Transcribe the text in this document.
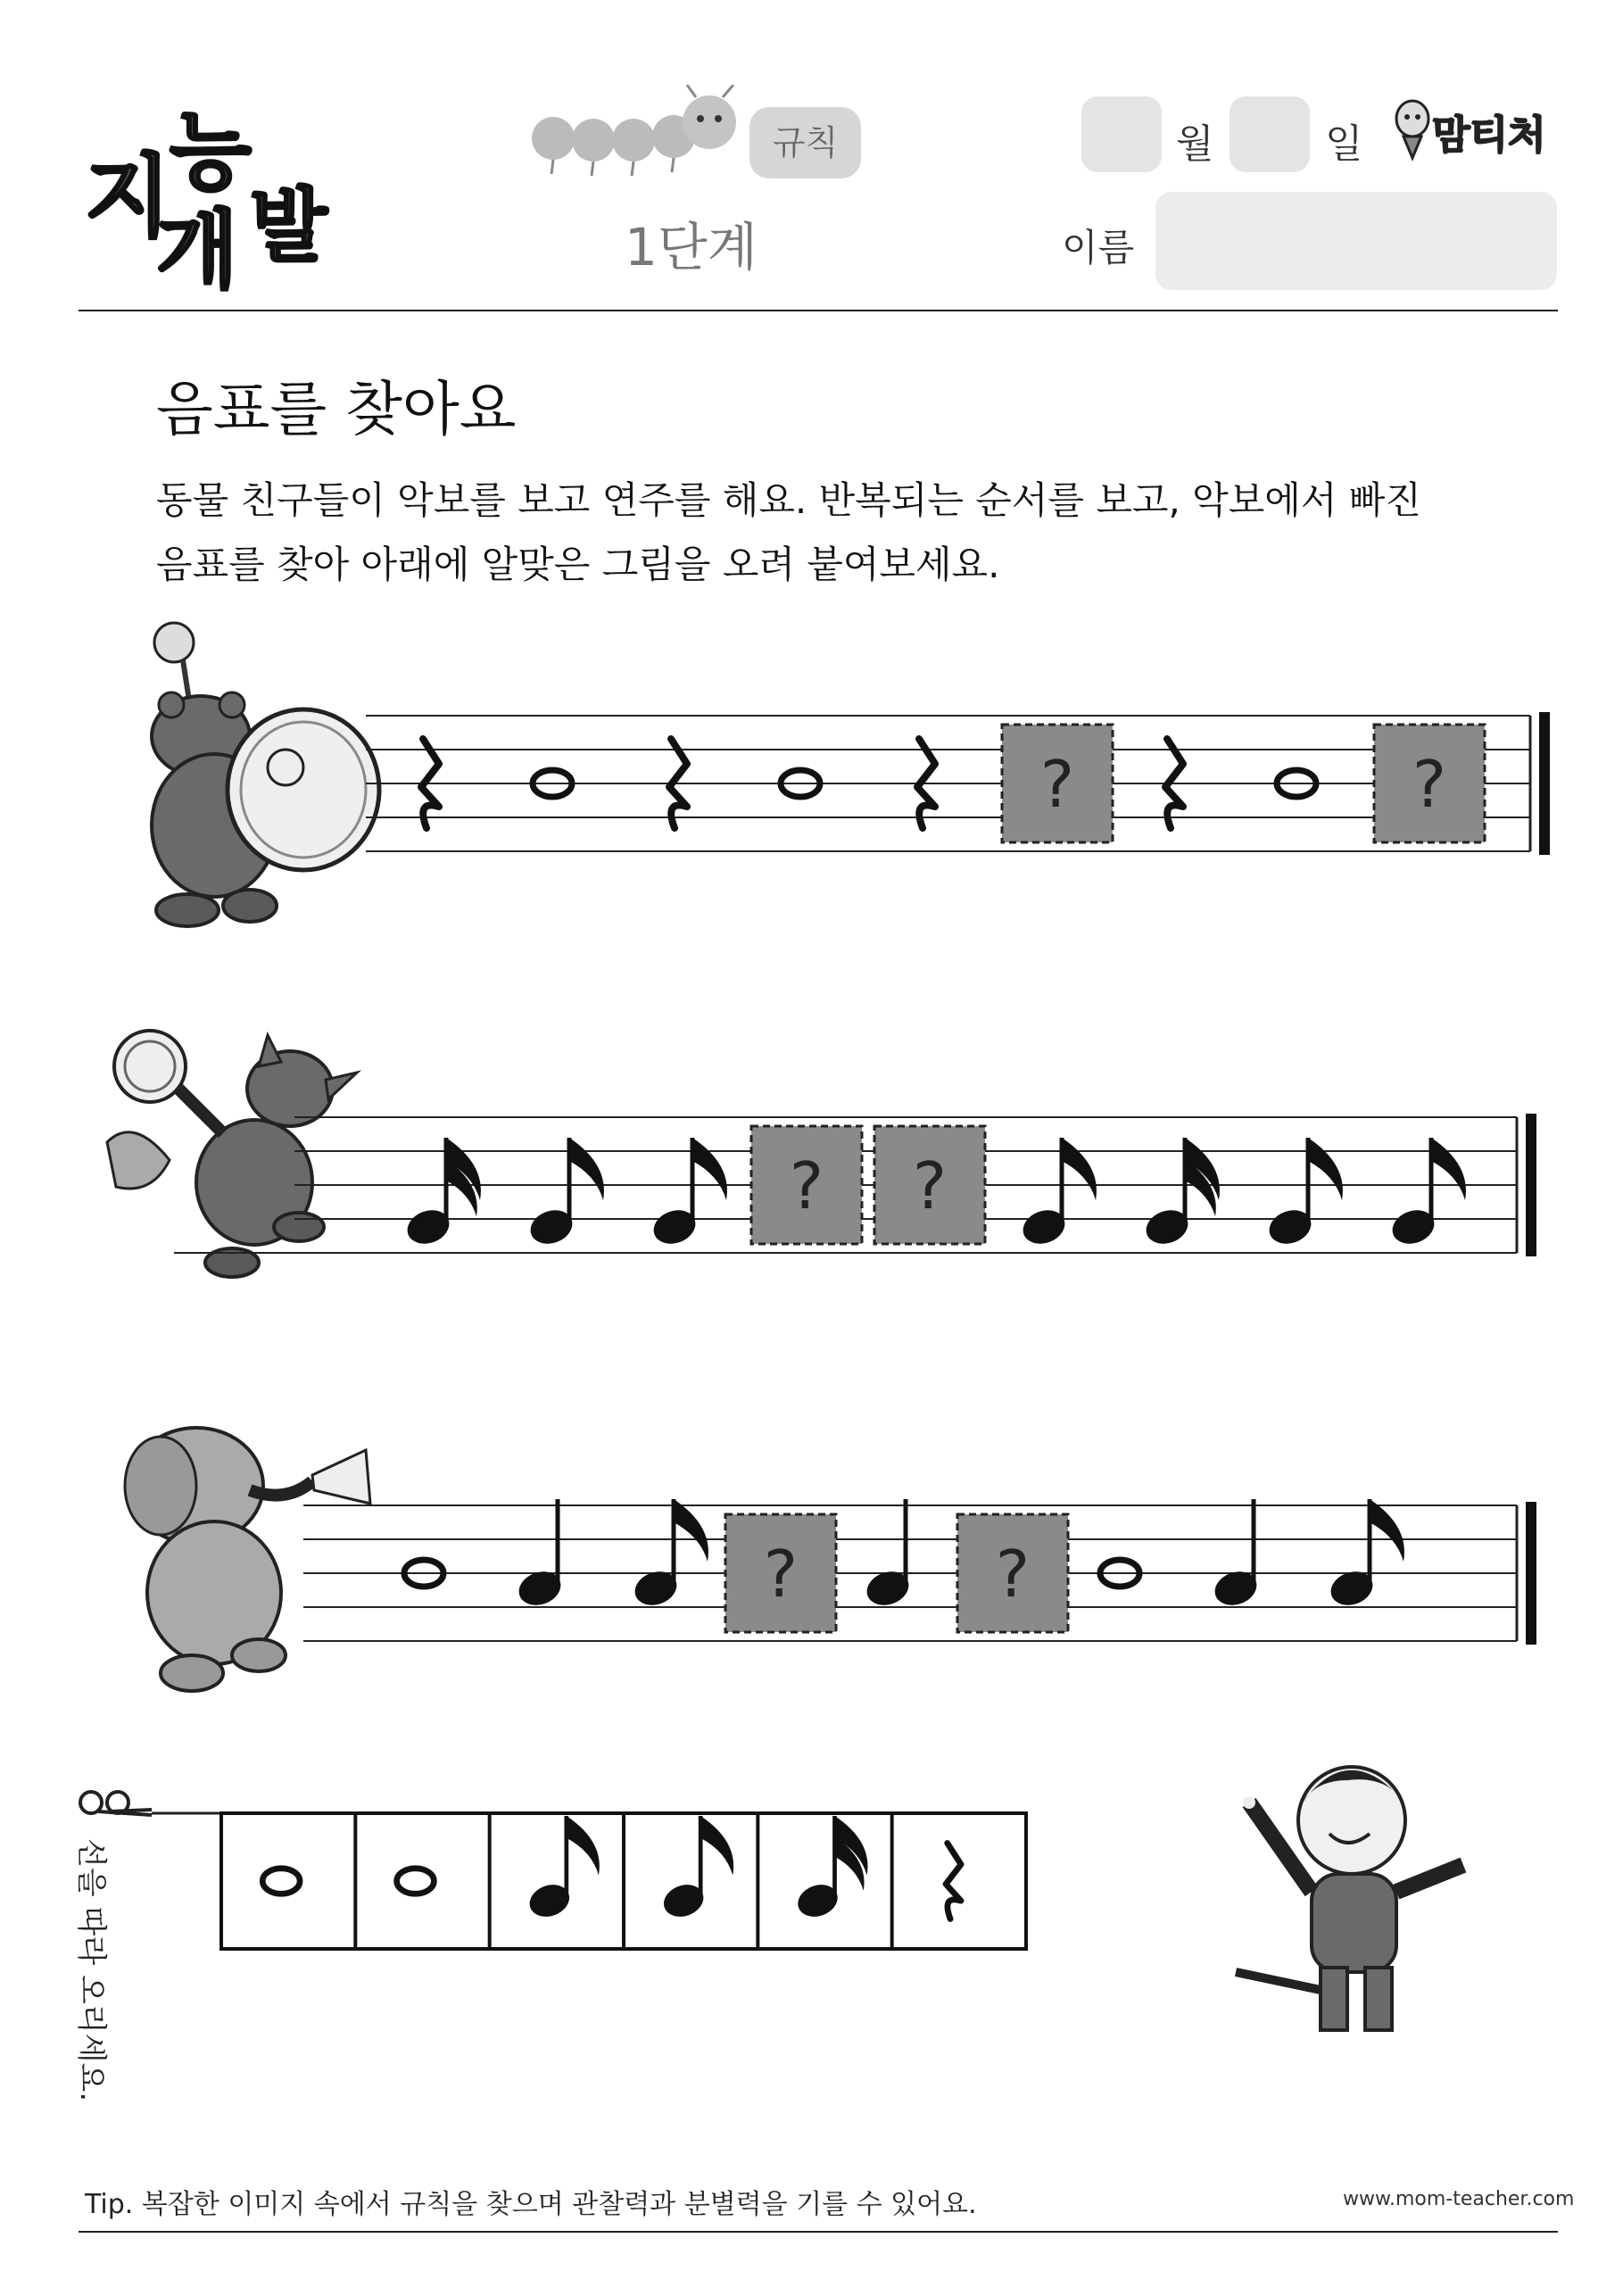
지
능
개 발
규칙
1단계
월	일 맘티처
이름
음표를 찾아요
동물 친구들이 악보를 보고 연주를 해요. 반복되는 순서를 보고, 악보에서 빠진
음표를 찾아 아래에 알맞은 그림을 오려 붙여보세요.
?	?
? ?
?	?
선을 따라 오리세요.
Tip. 복잡한 이미지 속에서 규칙을 찾으며 관찰력과 분별력을 기를 수 있어요.	www.mom-teacher.com
